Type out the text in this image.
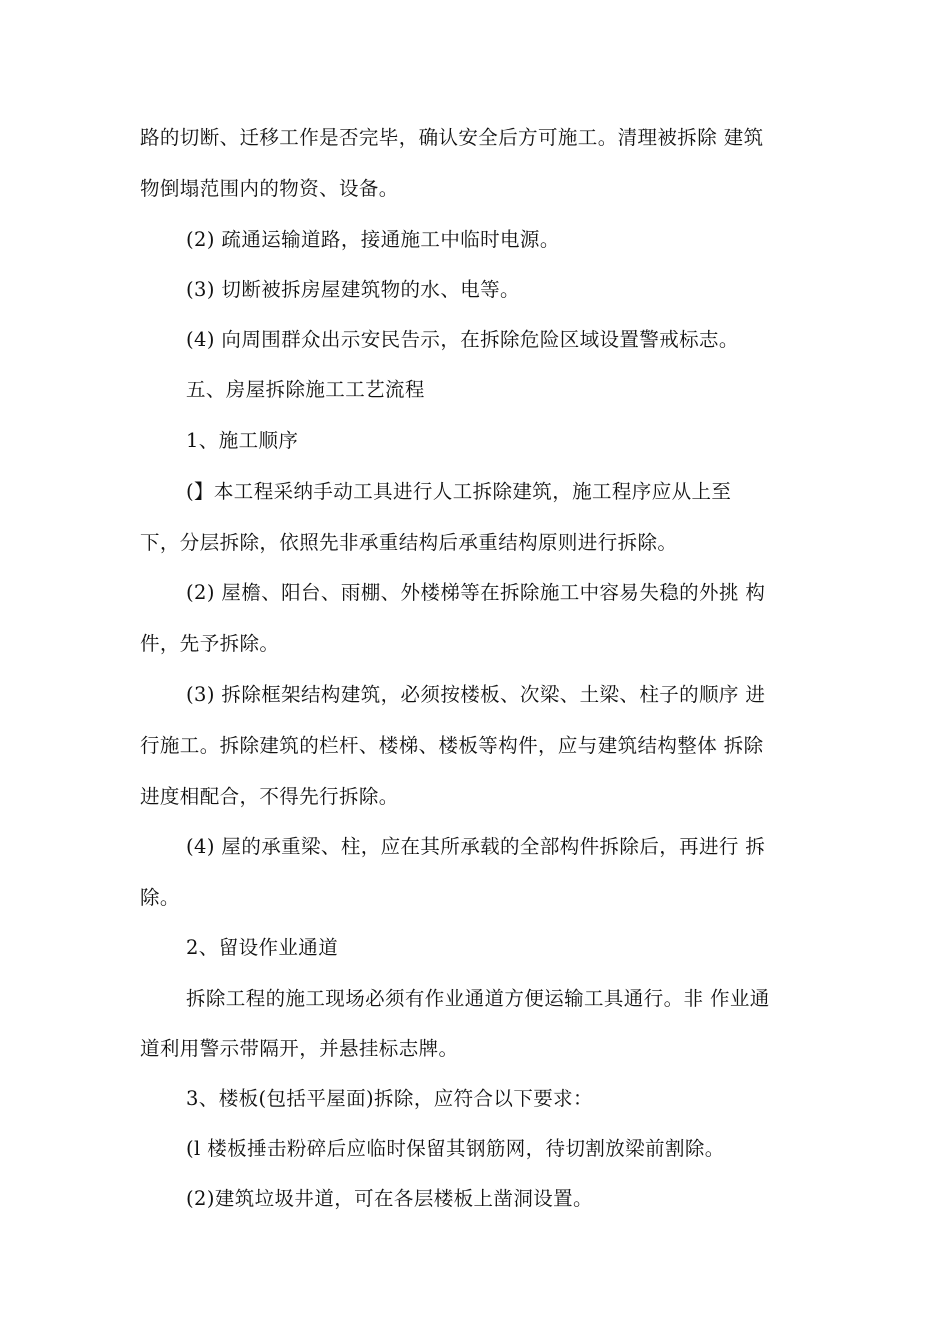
路的切断、迁移工作是否完毕，确认安全后方可施工。清理被拆除 建筑
物倒塌范围内的物资、设备。
(2) 疏通运输道路，接通施工中临时电源。
(3) 切断被拆房屋建筑物的水、电等。
(4) 向周围群众出示安民告示，在拆除危险区域设置警戒标志。
五、房屋拆除施工工艺流程
1、施工顺序
(】本工程采纳手动工具进行人工拆除建筑，施工程序应从上至
下，分层拆除，依照先非承重结构后承重结构原则进行拆除。
(2) 屋檐、阳台、雨棚、外楼梯等在拆除施工中容易失稳的外挑 构
件，先予拆除。
(3) 拆除框架结构建筑，必须按楼板、次梁、土梁、柱子的顺序 进
行施工。拆除建筑的栏杆、楼梯、楼板等构件，应与建筑结构整体 拆除
进度相配合，不得先行拆除。
(4) 屋的承重梁、柱，应在其所承载的全部构件拆除后，再进行 拆
除。
2、留设作业通道
拆除工程的施工现场必须有作业通道方便运输工具通行。非 作业通
道利用警示带隔开，并悬挂标志牌。
3、楼板(包括平屋面)拆除，应符合以下要求：
(l 楼板捶击粉碎后应临时保留其钢筋网，待切割放梁前割除。
(2)建筑垃圾井道，可在各层楼板上凿洞设置。
